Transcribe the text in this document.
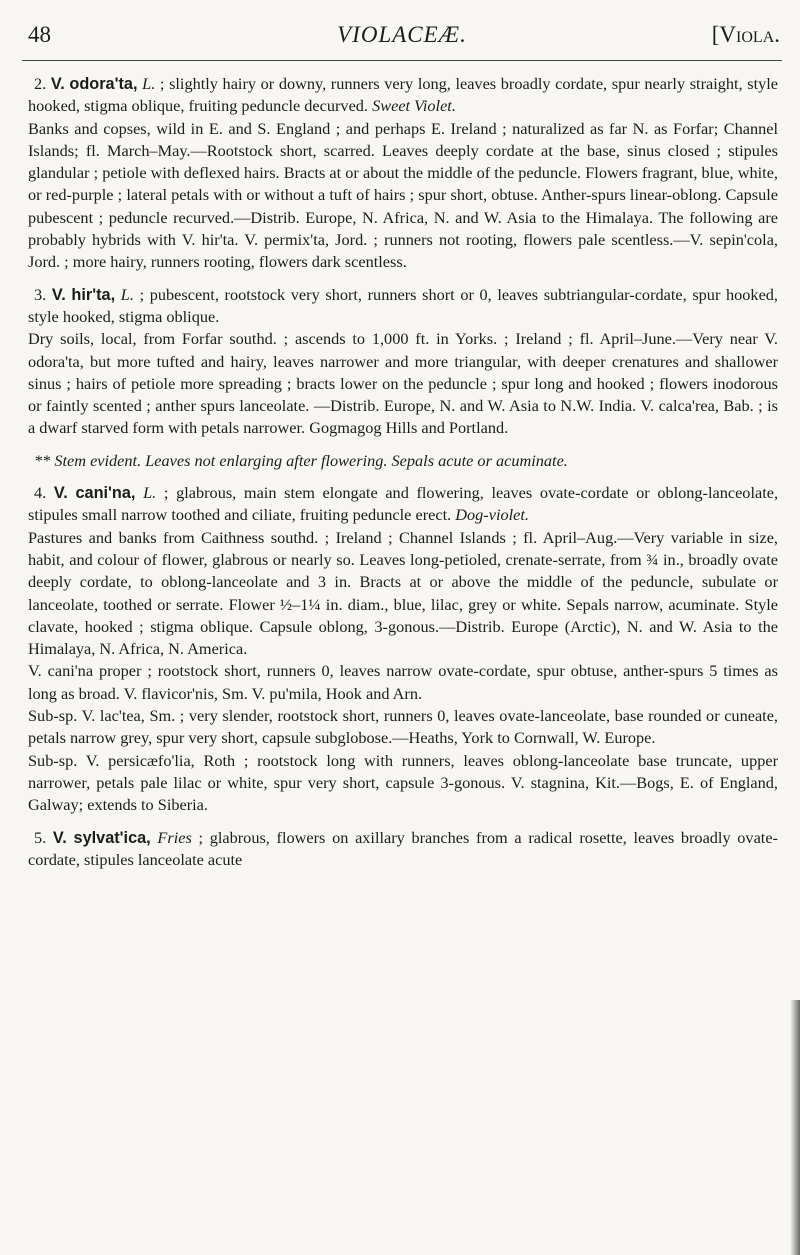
48	VIOLACEÆ.	[Viola.
2. V. odora'ta, L. ; slightly hairy or downy, runners very long, leaves broadly cordate, spur nearly straight, style hooked, stigma oblique, fruiting peduncle decurved. Sweet Violet.
Banks and copses, wild in E. and S. England ; and perhaps E. Ireland ; naturalized as far N. as Forfar; Channel Islands; fl. March–May.—Rootstock short, scarred. Leaves deeply cordate at the base, sinus closed ; stipules glandular ; petiole with deflexed hairs. Bracts at or about the middle of the peduncle. Flowers fragrant, blue, white, or red-purple ; lateral petals with or without a tuft of hairs ; spur short, obtuse. Anther-spurs linear-oblong. Capsule pubescent ; peduncle recurved.—Distrib. Europe, N. Africa, N. and W. Asia to the Himalaya. The following are probably hybrids with V. hir'ta. V. permix'ta, Jord. ; runners not rooting, flowers pale scentless.—V. sepin'cola, Jord. ; more hairy, runners rooting, flowers dark scentless.
3. V. hir'ta, L. ; pubescent, rootstock very short, runners short or 0, leaves subtriangular-cordate, spur hooked, style hooked, stigma oblique.
Dry soils, local, from Forfar southd. ; ascends to 1,000 ft. in Yorks. ; Ireland ; fl. April–June.—Very near V. odora'ta, but more tufted and hairy, leaves narrower and more triangular, with deeper crenatures and shallower sinus ; hairs of petiole more spreading ; bracts lower on the peduncle ; spur long and hooked ; flowers inodorous or faintly scented ; anther spurs lanceolate. —Distrib. Europe, N. and W. Asia to N.W. India. V. calca'rea, Bab. ; is a dwarf starved form with petals narrower. Gogmagog Hills and Portland.
** Stem evident. Leaves not enlarging after flowering. Sepals acute or acuminate.
4. V. cani'na, L. ; glabrous, main stem elongate and flowering, leaves ovate-cordate or oblong-lanceolate, stipules small narrow toothed and ciliate, fruiting peduncle erect. Dog-violet.
Pastures and banks from Caithness southd. ; Ireland ; Channel Islands ; fl. April–Aug.—Very variable in size, habit, and colour of flower, glabrous or nearly so. Leaves long-petioled, crenate-serrate, from ¾ in., broadly ovate deeply cordate, to oblong-lanceolate and 3 in. Bracts at or above the middle of the peduncle, subulate or lanceolate, toothed or serrate. Flower ½–1¼ in. diam., blue, lilac, grey or white. Sepals narrow, acuminate. Style clavate, hooked ; stigma oblique. Capsule oblong, 3-gonous.—Distrib. Europe (Arctic), N. and W. Asia to the Himalaya, N. Africa, N. America.
V. cani'na proper ; rootstock short, runners 0, leaves narrow ovate-cordate, spur obtuse, anther-spurs 5 times as long as broad. V. flavicor'nis, Sm. V. pu'mila, Hook and Arn.
Sub-sp. V. lac'tea, Sm. ; very slender, rootstock short, runners 0, leaves ovate-lanceolate, base rounded or cuneate, petals narrow grey, spur very short, capsule subglobose.—Heaths, York to Cornwall, W. Europe.
Sub-sp. V. persicæfo'lia, Roth ; rootstock long with runners, leaves oblong-lanceolate base truncate, upper narrower, petals pale lilac or white, spur very short, capsule 3-gonous. V. stagnina, Kit.—Bogs, E. of England, Galway; extends to Siberia.
5. V. sylvat'ica, Fries ; glabrous, flowers on axillary branches from a radical rosette, leaves broadly ovate-cordate, stipules lanceolate acute
